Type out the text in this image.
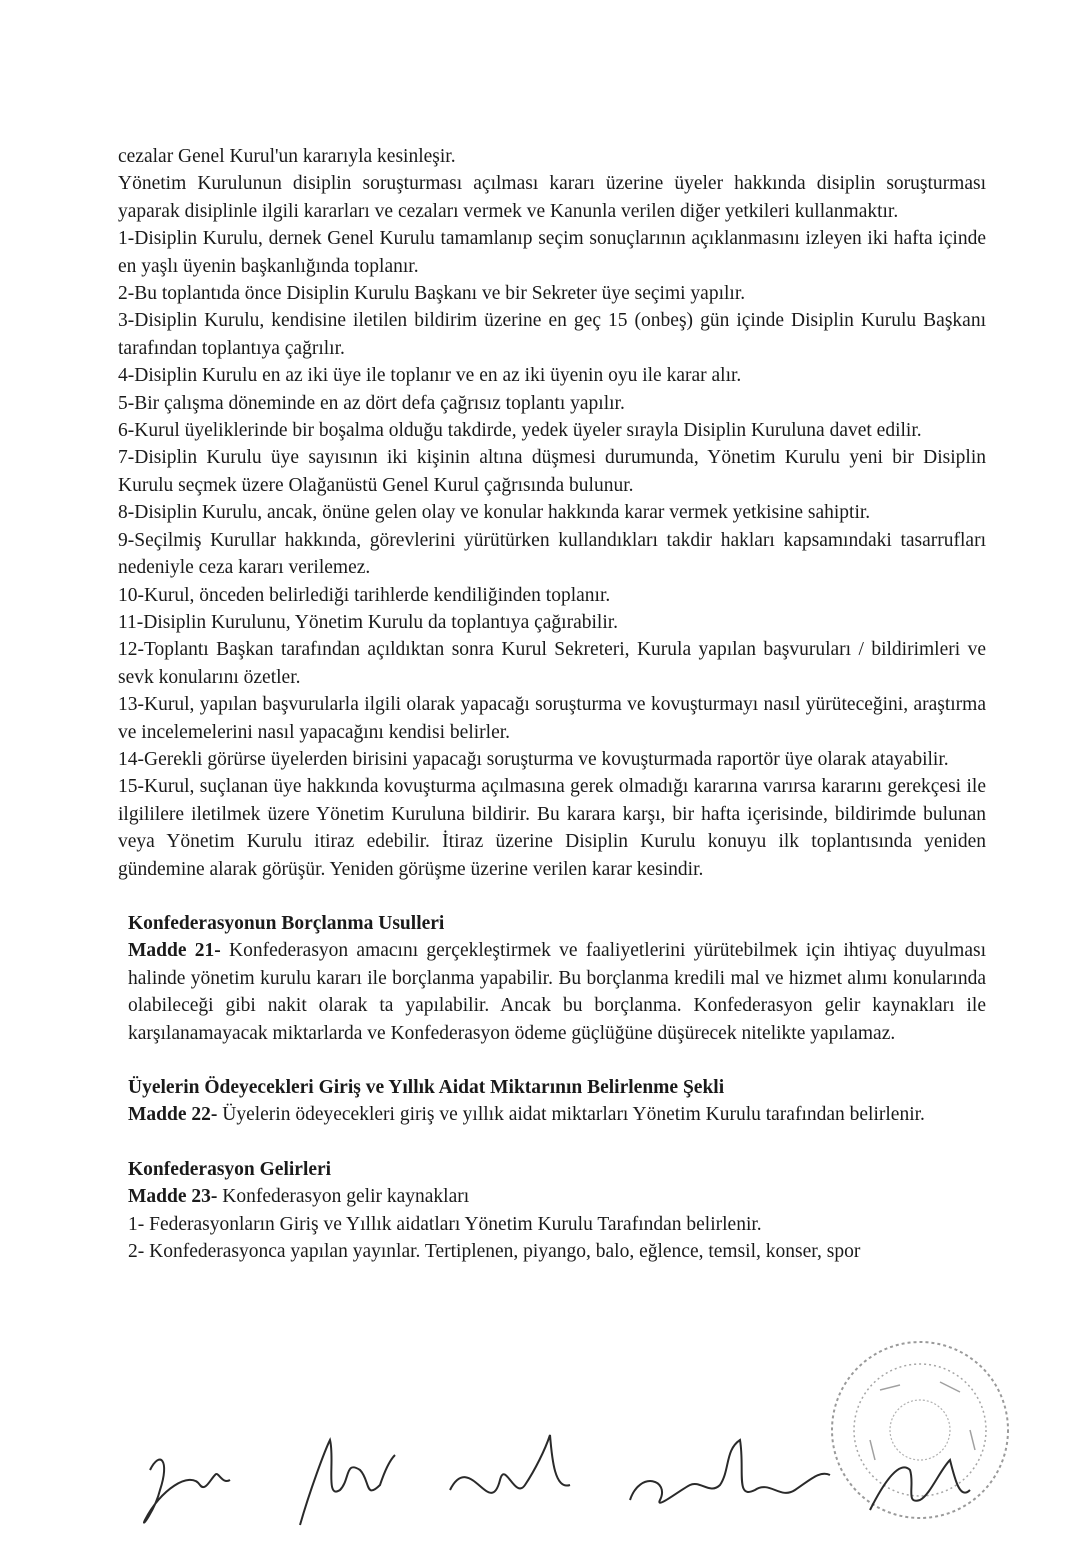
cezalar Genel Kurul'un kararıyla kesinleşir.

Yönetim Kurulunun disiplin soruşturması açılması kararı üzerine üyeler hakkında disiplin soruşturması yaparak disiplinle ilgili kararları ve cezaları vermek ve Kanunla verilen diğer yetkileri kullanmaktır.

1-Disiplin Kurulu, dernek Genel Kurulu tamamlanıp seçim sonuçlarının açıklanmasını izleyen iki hafta içinde en yaşlı üyenin başkanlığında toplanır.

2-Bu toplantıda önce Disiplin Kurulu Başkanı ve bir Sekreter üye seçimi yapılır.

3-Disiplin Kurulu, kendisine iletilen bildirim üzerine en geç 15 (onbeş) gün içinde Disiplin Kurulu Başkanı tarafından toplantıya çağrılır.

4-Disiplin Kurulu en az iki üye ile toplanır ve en az iki üyenin oyu ile karar alır.

5-Bir çalışma döneminde en az dört defa çağrısız toplantı yapılır.

6-Kurul üyeliklerinde bir boşalma olduğu takdirde, yedek üyeler sırayla Disiplin Kuruluna davet edilir.

7-Disiplin Kurulu üye sayısının iki kişinin altına düşmesi durumunda, Yönetim Kurulu yeni bir Disiplin Kurulu seçmek üzere Olağanüstü Genel Kurul çağrısında bulunur.

8-Disiplin Kurulu, ancak, önüne gelen olay ve konular hakkında karar vermek yetkisine sahiptir.

9-Seçilmiş Kurullar hakkında, görevlerini yürütürken kullandıkları takdir hakları kapsamındaki tasarrufları nedeniyle ceza kararı verilemez.

10-Kurul, önceden belirlediği tarihlerde kendiliğinden toplanır.

11-Disiplin Kurulunu, Yönetim Kurulu da toplantıya çağırabilir.

12-Toplantı Başkan tarafından açıldıktan sonra Kurul Sekreteri, Kurula yapılan başvuruları / bildirimleri ve sevk konularını özetler.

13-Kurul, yapılan başvurularla ilgili olarak yapacağı soruşturma ve kovuşturmayı nasıl yürüteceğini, araştırma ve incelemelerini nasıl yapacağını kendisi belirler.

14-Gerekli görürse üyelerden birisini yapacağı soruşturma ve kovuşturmada raportör üye olarak atayabilir.

15-Kurul, suçlanan üye hakkında kovuşturma açılmasına gerek olmadığı kararına varırsa kararını gerekçesi ile ilgililere iletilmek üzere Yönetim Kuruluna bildirir. Bu karara karşı, bir hafta içerisinde, bildirimde bulunan veya Yönetim Kurulu itiraz edebilir. İtiraz üzerine Disiplin Kurulu konuyu ilk toplantısında yeniden gündemine alarak görüşür. Yeniden görüşme üzerine verilen karar kesindir.

Konfederasyonun Borçlanma Usulleri

Madde 21- Konfederasyon amacını gerçekleştirmek ve faaliyetlerini yürütebilmek için ihtiyaç duyulması halinde yönetim kurulu kararı ile borçlanma yapabilir. Bu borçlanma kredili mal ve hizmet alımı konularında olabileceği gibi nakit olarak ta yapılabilir. Ancak bu borçlanma. Konfederasyon gelir kaynakları ile karşılanamayacak miktarlarda ve Konfederasyon ödeme güçlüğüne düşürecek nitelikte yapılamaz.

Üyelerin Ödeyecekleri Giriş ve Yıllık Aidat Miktarının Belirlenme Şekli

Madde 22- Üyelerin ödeyecekleri giriş ve yıllık aidat miktarları Yönetim Kurulu tarafından belirlenir.

Konfederasyon Gelirleri

Madde 23- Konfederasyon gelir kaynakları

1- Federasyonların Giriş ve Yıllık aidatları Yönetim Kurulu Tarafından belirlenir.

2- Konfederasyonca yapılan yayınlar. Tertiplenen, piyango, balo, eğlence, temsil, konser, spor
